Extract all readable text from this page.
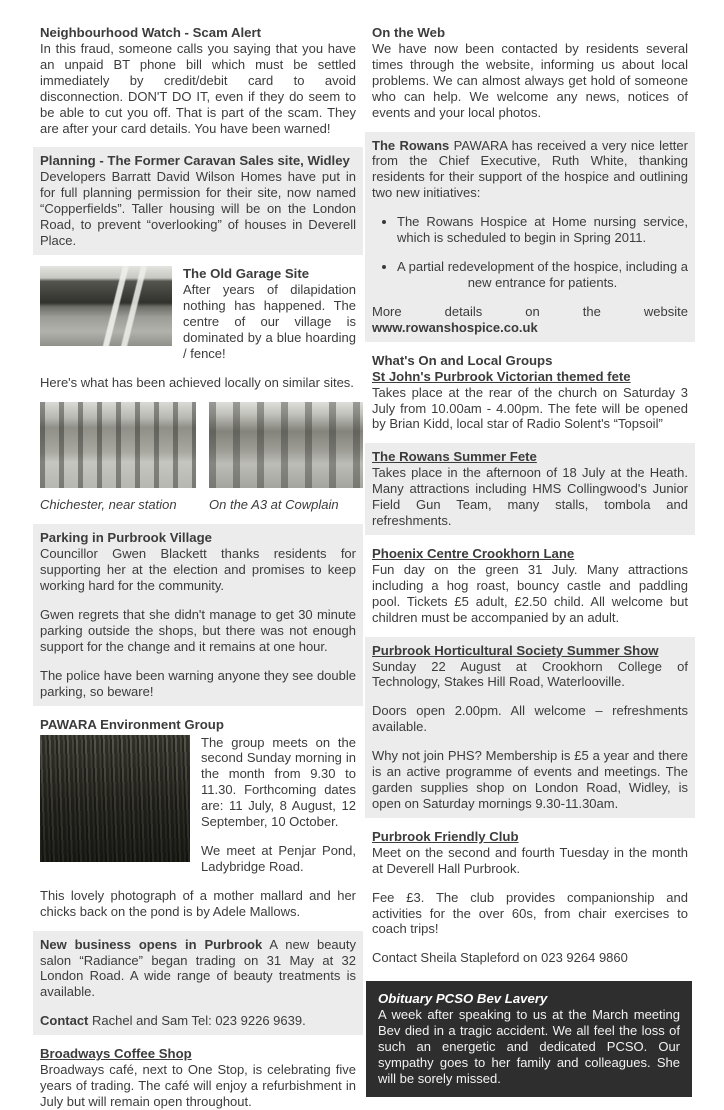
Neighbourhood Watch - Scam Alert

In this fraud, someone calls you saying that you have an unpaid BT phone bill which must be settled immediately by credit/debit card to avoid disconnection. DON'T DO IT, even if they do seem to be able to cut you off. That is part of the scam. They are after your card details. You have been warned!

Planning - The Former Caravan Sales site, Widley

Developers Barratt David Wilson Homes have put in for full planning permission for their site, now named “Copperfields”. Taller housing will be on the London Road, to prevent “overlooking” of houses in Deverell Place.

The Old Garage Site

After years of dilapidation nothing has happened. The centre of our village is dominated by a blue hoarding / fence!

Here's what has been achieved locally on similar sites.

Chichester, near station	On the A3 at Cowplain
Parking in Purbrook Village

Councillor Gwen Blackett thanks residents for supporting her at the election and promises to keep working hard for the community.

Gwen regrets that she didn't manage to get 30 minute parking outside the shops, but there was not enough support for the change and it remains at one hour.

The police have been warning anyone they see double parking, so beware!

PAWARA Environment Group

The group meets on the second Sunday morning in the month from 9.30 to 11.30. Forthcoming dates are: 11 July, 8 August, 12 September, 10 October.

We meet at Penjar Pond, Ladybridge Road.

This lovely photograph of a mother mallard and her chicks back on the pond is by Adele Mallows.

New business opens in Purbrook A new beauty salon “Radiance” began trading on 31 May at 32 London Road. A wide range of beauty treatments is available.

Contact Rachel and Sam Tel: 023 9226 9639.

Broadways Coffee Shop

Broadways café, next to One Stop, is celebrating five years of trading. The café will enjoy a refurbishment in July but will remain open throughout.

On the Web

We have now been contacted by residents several times through the website, informing us about local problems. We can almost always get hold of someone who can help. We welcome any news, notices of events and your local photos.

The Rowans PAWARA has received a very nice letter from the Chief Executive, Ruth White, thanking residents for their support of the hospice and outlining two new initiatives:

• The Rowans Hospice at Home nursing service, which is scheduled to begin in Spring 2011.
• A partial redevelopment of the hospice, including a new entrance for patients.

More details on the website www.rowanshospice.co.uk

What's On and Local Groups
St John's Purbrook Victorian themed fete

Takes place at the rear of the church on Saturday 3 July from 10.00am - 4.00pm. The fete will be opened by Brian Kidd, local star of Radio Solent's “Topsoil”

The Rowans Summer Fete

Takes place in the afternoon of 18 July at the Heath. Many attractions including HMS Collingwood's Junior Field Gun Team, many stalls, tombola and refreshments.

Phoenix Centre Crookhorn Lane

Fun day on the green 31 July. Many attractions including a hog roast, bouncy castle and paddling pool. Tickets £5 adult, £2.50 child. All welcome but children must be accompanied by an adult.

Purbrook Horticultural Society Summer Show

Sunday 22 August at Crookhorn College of Technology, Stakes Hill Road, Waterlooville.

Doors open 2.00pm. All welcome – refreshments available.

Why not join PHS? Membership is £5 a year and there is an active programme of events and meetings. The garden supplies shop on London Road, Widley, is open on Saturday mornings 9.30-11.30am.

Purbrook Friendly Club

Meet on the second and fourth Tuesday in the month at Deverell Hall Purbrook.

Fee £3. The club provides companionship and activities for the over 60s, from chair exercises to coach trips!

Contact Sheila Stapleford on 023 9264 9860

Obituary PCSO Bev Lavery

A week after speaking to us at the March meeting Bev died in a tragic accident. We all feel the loss of such an energetic and dedicated PCSO. Our sympathy goes to her family and colleagues. She will be sorely missed.
